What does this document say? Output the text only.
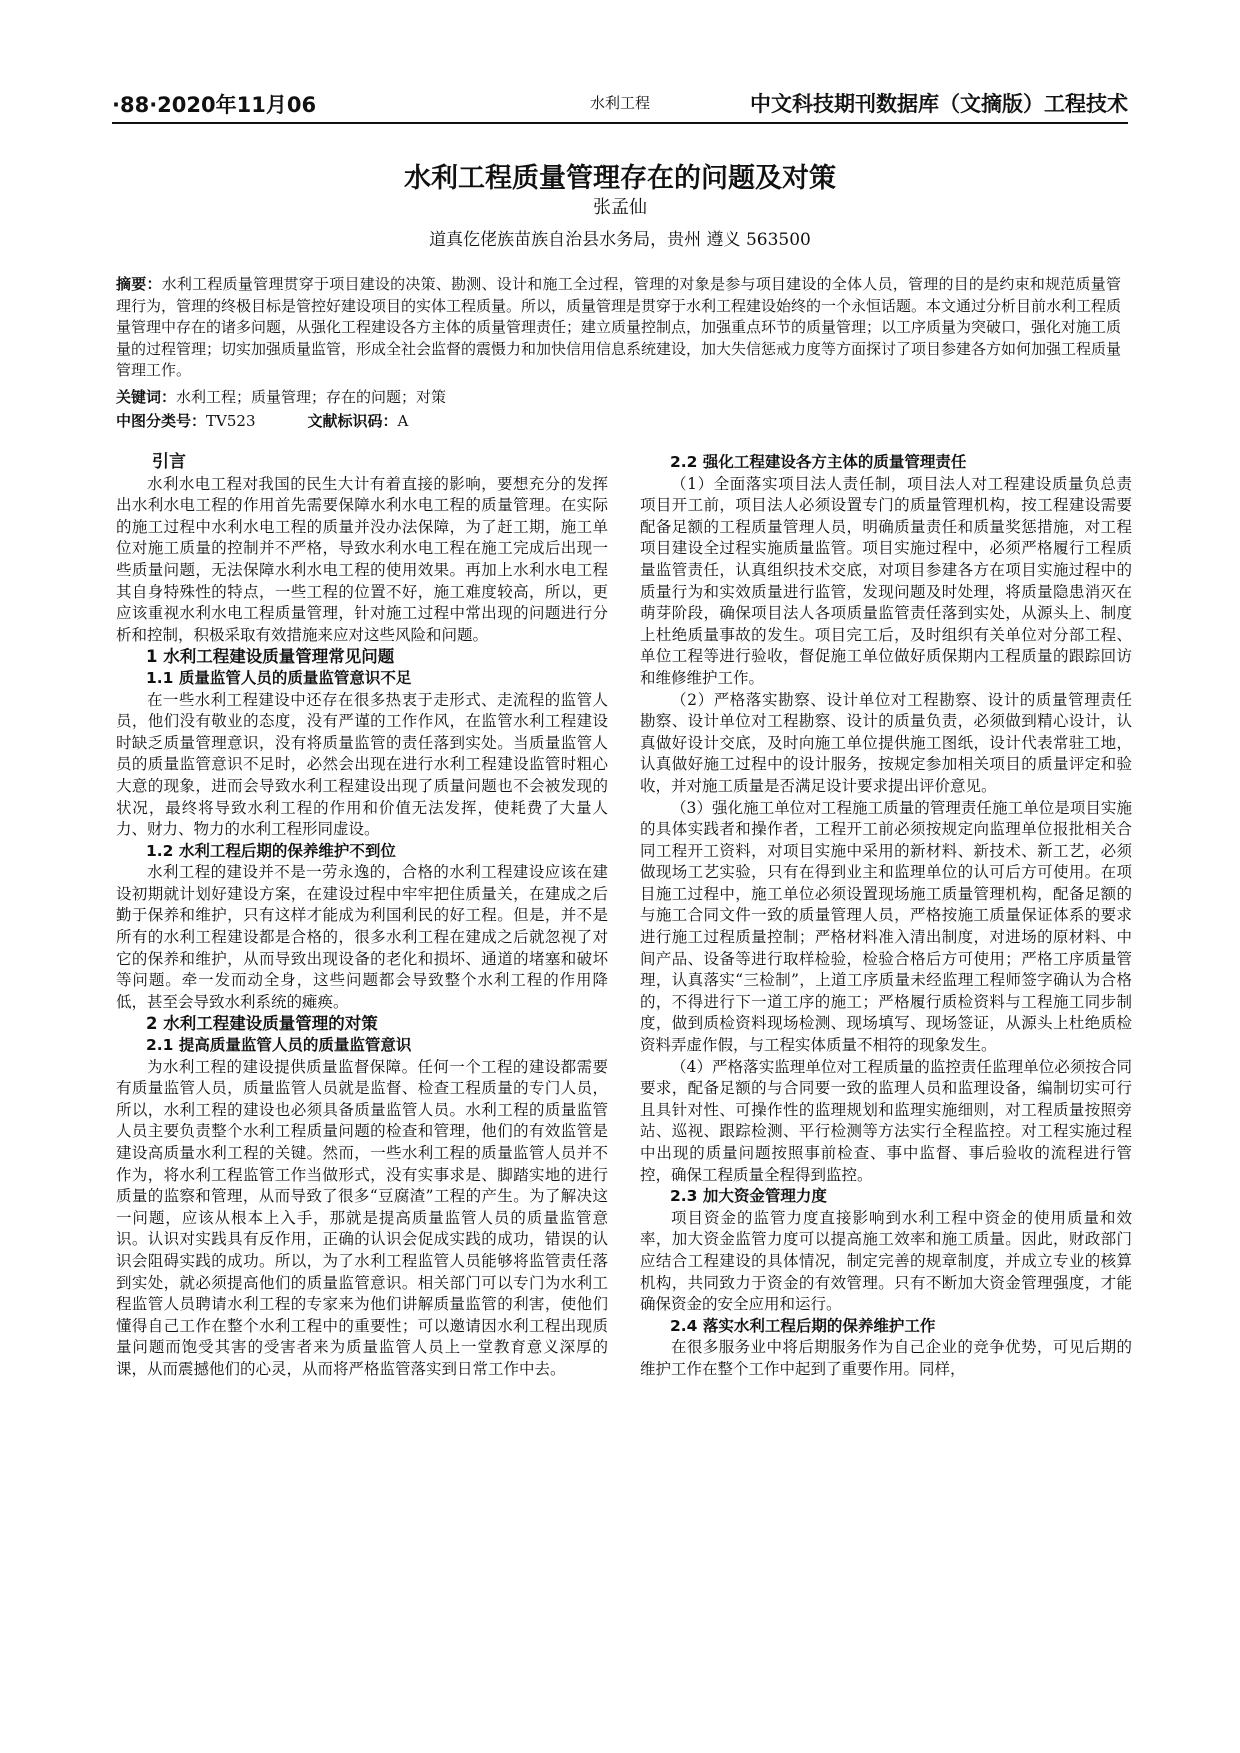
·88·2020年11月06	水利工程	中文科技期刊数据库（文摘版）工程技术
水利工程质量管理存在的问题及对策
张孟仙
道真仡佬族苗族自治县水务局，贵州 遵义 563500
摘要：水利工程质量管理贯穿于项目建设的决策、勘测、设计和施工全过程，管理的对象是参与项目建设的全体人员，管理的目的是约束和规范质量管理行为，管理的终极目标是管控好建设项目的实体工程质量。所以，质量管理是贯穿于水利工程建设始终的一个永恒话题。本文通过分析目前水利工程质量管理中存在的诸多问题，从强化工程建设各方主体的质量管理责任；建立质量控制点，加强重点环节的质量管理；以工序质量为突破口，强化对施工质量的过程管理；切实加强质量监管，形成全社会监督的震慑力和加快信用信息系统建设，加大失信惩戒力度等方面探讨了项目参建各方如何加强工程质量管理工作。
关键词：水利工程；质量管理；存在的问题；对策
中图分类号：TV523	文献标识码：A
引言

水利水电工程对我国的民生大计有着直接的影响，要想充分的发挥出水利水电工程的作用首先需要保障水利水电工程的质量管理。在实际的施工过程中水利水电工程的质量并没办法保障，为了赶工期，施工单位对施工质量的控制并不严格，导致水利水电工程在施工完成后出现一些质量问题，无法保障水利水电工程的使用效果。再加上水利水电工程其自身特殊性的特点，一些工程的位置不好，施工难度较高，所以，更应该重视水利水电工程质量管理，针对施工过程中常出现的问题进行分析和控制，积极采取有效措施来应对这些风险和问题。

1 水利工程建设质量管理常见问题
1.1 质量监管人员的质量监管意识不足

在一些水利工程建设中还存在很多热衷于走形式、走流程的监管人员，他们没有敬业的态度，没有严谨的工作作风，在监管水利工程建设时缺乏质量管理意识，没有将质量监管的责任落到实处。当质量监管人员的质量监管意识不足时，必然会出现在进行水利工程建设监管时粗心大意的现象，进而会导致水利工程建设出现了质量问题也不会被发现的状况，最终将导致水利工程的作用和价值无法发挥，使耗费了大量人力、财力、物力的水利工程形同虚设。

1.2 水利工程后期的保养维护不到位

水利工程的建设并不是一劳永逸的，合格的水利工程建设应该在建设初期就计划好建设方案，在建设过程中牢牢把住质量关，在建成之后勤于保养和维护，只有这样才能成为利国利民的好工程。但是，并不是所有的水利工程建设都是合格的，很多水利工程在建成之后就忽视了对它的保养和维护，从而导致出现设备的老化和损坏、通道的堵塞和破坏等问题。牵一发而动全身，这些问题都会导致整个水利工程的作用降低，甚至会导致水利系统的瘫痪。

2 水利工程建设质量管理的对策
2.1 提高质量监管人员的质量监管意识

为水利工程的建设提供质量监督保障。任何一个工程的建设都需要有质量监管人员，质量监管人员就是监督、检查工程质量的专门人员，所以，水利工程的建设也必须具备质量监管人员。水利工程的质量监管人员主要负责整个水利工程质量问题的检查和管理，他们的有效监管是建设高质量水利工程的关键。然而，一些水利工程的质量监管人员并不作为，将水利工程监管工作当做形式，没有实事求是、脚踏实地的进行质量的监察和管理，从而导致了很多“豆腐渣”工程的产生。为了解决这一问题，应该从根本上入手，那就是提高质量监管人员的质量监管意识。认识对实践具有反作用，正确的认识会促成实践的成功，错误的认识会阻碍实践的成功。所以，为了水利工程监管人员能够将监管责任落到实处，就必须提高他们的质量监管意识。相关部门可以专门为水利工程监管人员聘请水利工程的专家来为他们讲解质量监管的利害，使他们懂得自己工作在整个水利工程中的重要性；可以邀请因水利工程出现质量问题而饱受其害的受害者来为质量监管人员上一堂教育意义深厚的课，从而震撼他们的心灵，从而将严格监管落实到日常工作中去。

2.2 强化工程建设各方主体的质量管理责任

（1）全面落实项目法人责任制，项目法人对工程建设质量负总责 项目开工前，项目法人必须设置专门的质量管理机构，按工程建设需要配备足额的工程质量管理人员，明确质量责任和质量奖惩措施，对工程项目建设全过程实施质量监管。项目实施过程中，必须严格履行工程质量监管责任，认真组织技术交底，对项目参建各方在项目实施过程中的质量行为和实效质量进行监管，发现问题及时处理，将质量隐患消灭在萌芽阶段，确保项目法人各项质量监管责任落到实处，从源头上、制度上杜绝质量事故的发生。项目完工后，及时组织有关单位对分部工程、单位工程等进行验收，督促施工单位做好质保期内工程质量的跟踪回访和维修维护工作。

（2）严格落实勘察、设计单位对工程勘察、设计的质量管理责任 勘察、设计单位对工程勘察、设计的质量负责，必须做到精心设计，认真做好设计交底，及时向施工单位提供施工图纸，设计代表常驻工地，认真做好施工过程中的设计服务，按规定参加相关项目的质量评定和验收，并对施工质量是否满足设计要求提出评价意见。

（3）强化施工单位对工程施工质量的管理责任施工单位是项目实施的具体实践者和操作者，工程开工前必须按规定向监理单位报批相关合同工程开工资料，对项目实施中采用的新材料、新技术、新工艺，必须做现场工艺实验，只有在得到业主和监理单位的认可后方可使用。在项目施工过程中，施工单位必须设置现场施工质量管理机构，配备足额的与施工合同文件一致的质量管理人员，严格按施工质量保证体系的要求进行施工过程质量控制；严格材料准入清出制度，对进场的原材料、中间产品、设备等进行取样检验，检验合格后方可使用；严格工序质量管理，认真落实“三检制”，上道工序质量未经监理工程师签字确认为合格的，不得进行下一道工序的施工；严格履行质检资料与工程施工同步制度，做到质检资料现场检测、现场填写、现场签证，从源头上杜绝质检资料弄虚作假，与工程实体质量不相符的现象发生。

（4）严格落实监理单位对工程质量的监控责任监理单位必须按合同要求，配备足额的与合同要一致的监理人员和监理设备，编制切实可行且具针对性、可操作性的监理规划和监理实施细则，对工程质量按照旁站、巡视、跟踪检测、平行检测等方法实行全程监控。对工程实施过程中出现的质量问题按照事前检查、事中监督、事后验收的流程进行管控，确保工程质量全程得到监控。

2.3 加大资金管理力度

项目资金的监管力度直接影响到水利工程中资金的使用质量和效率，加大资金监管力度可以提高施工效率和施工质量。因此，财政部门应结合工程建设的具体情况，制定完善的规章制度，并成立专业的核算机构，共同致力于资金的有效管理。只有不断加大资金管理强度，才能确保资金的安全应用和运行。

2.4 落实水利工程后期的保养维护工作

在很多服务业中将后期服务作为自己企业的竞争优势，可见后期的维护工作在整个工作中起到了重要作用。同样，
